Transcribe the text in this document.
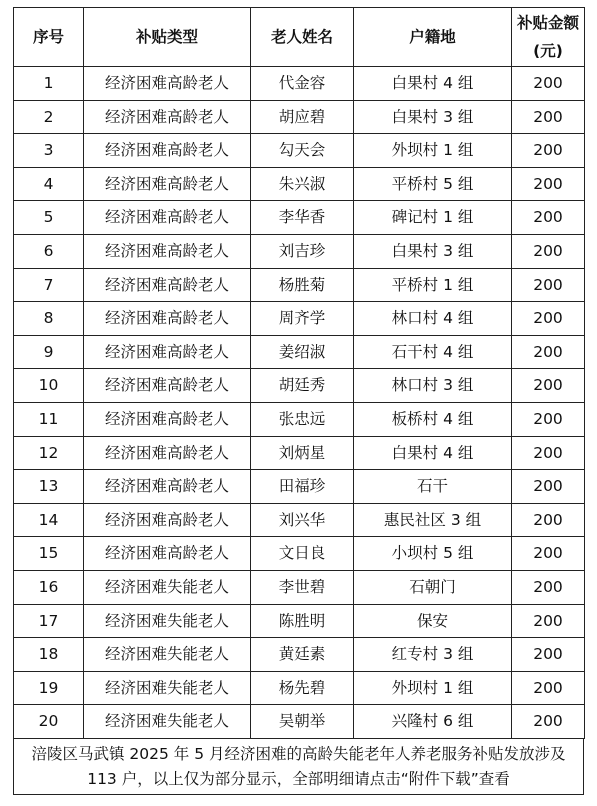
序号	补贴类型	老人姓名	户籍地	补贴金额
(元)

1	经济困难高龄老人	代金容	白果村 4 组	200
2	经济困难高龄老人	胡应碧	白果村 3 组	200
3	经济困难高龄老人	勾天会	外坝村 1 组	200
4	经济困难高龄老人	朱兴淑	平桥村 5 组	200
5	经济困难高龄老人	李华香	碑记村 1 组	200
6	经济困难高龄老人	刘吉珍	白果村 3 组	200
7	经济困难高龄老人	杨胜菊	平桥村 1 组	200
8	经济困难高龄老人	周齐学	林口村 4 组	200
9	经济困难高龄老人	姜绍淑	石干村 4 组	200
10	经济困难高龄老人	胡廷秀	林口村 3 组	200
11	经济困难高龄老人	张忠远	板桥村 4 组	200
12	经济困难高龄老人	刘炳星	白果村 4 组	200
13	经济困难高龄老人	田福珍	石干	200
14	经济困难高龄老人	刘兴华	惠民社区 3 组	200
15	经济困难高龄老人	文日良	小坝村 5 组	200
16	经济困难失能老人	李世碧	石朝门	200
17	经济困难失能老人	陈胜明	保安	200
18	经济困难失能老人	黄廷素	红专村 3 组	200
19	经济困难失能老人	杨先碧	外坝村 1 组	200
20	经济困难失能老人	吴朝举	兴隆村 6 组	200
涪陵区马武镇 2025 年 5 月经济困难的高龄失能老年人养老服务补贴发放涉及 113 户，以上仅为部分显示，全部明细请点击“附件下载”查看
